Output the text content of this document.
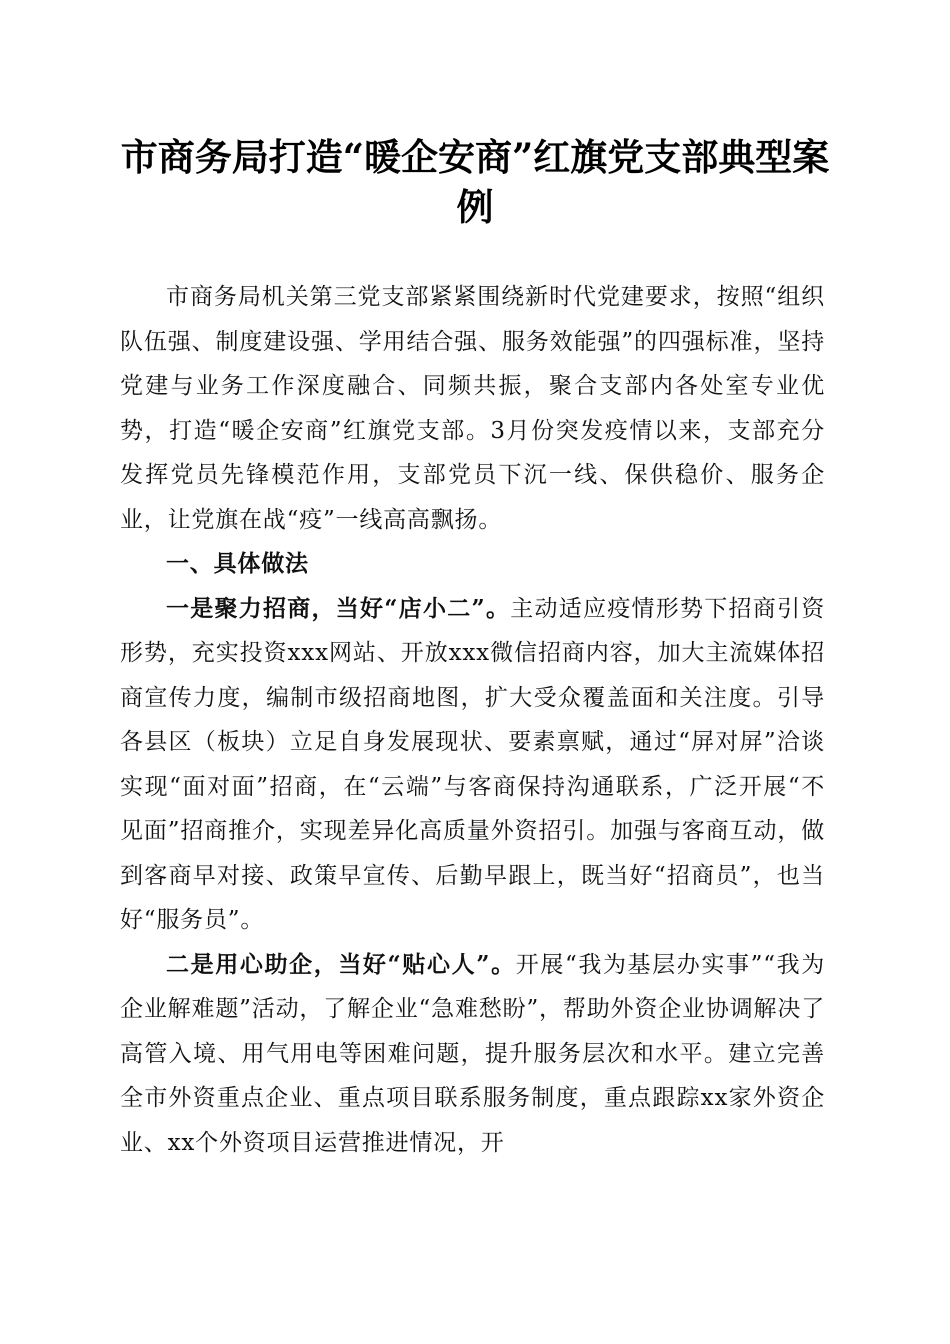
市商务局打造“暖企安商”红旗党支部典型案例

市商务局机关第三党支部紧紧围绕新时代党建要求，按照“组织队伍强、制度建设强、学用结合强、服务效能强”的四强标准，坚持党建与业务工作深度融合、同频共振，聚合支部内各处室专业优势，打造“暖企安商”红旗党支部。3月份突发疫情以来，支部充分发挥党员先锋模范作用，支部党员下沉一线、保供稳价、服务企业，让党旗在战“疫”一线高高飘扬。

一、具体做法

一是聚力招商，当好“店小二”。主动适应疫情形势下招商引资形势，充实投资xxx网站、开放xxx微信招商内容，加大主流媒体招商宣传力度，编制市级招商地图，扩大受众覆盖面和关注度。引导各县区（板块）立足自身发展现状、要素禀赋，通过“屏对屏”洽谈实现“面对面”招商，在“云端”与客商保持沟通联系，广泛开展“不见面”招商推介，实现差异化高质量外资招引。加强与客商互动，做到客商早对接、政策早宣传、后勤早跟上，既当好“招商员”，也当好“服务员”。

二是用心助企，当好“贴心人”。开展“我为基层办实事”“我为企业解难题”活动，了解企业“急难愁盼”，帮助外资企业协调解决了高管入境、用气用电等困难问题，提升服务层次和水平。建立完善全市外资重点企业、重点项目联系服务制度，重点跟踪xx家外资企业、xx个外资项目运营推进情况，开
